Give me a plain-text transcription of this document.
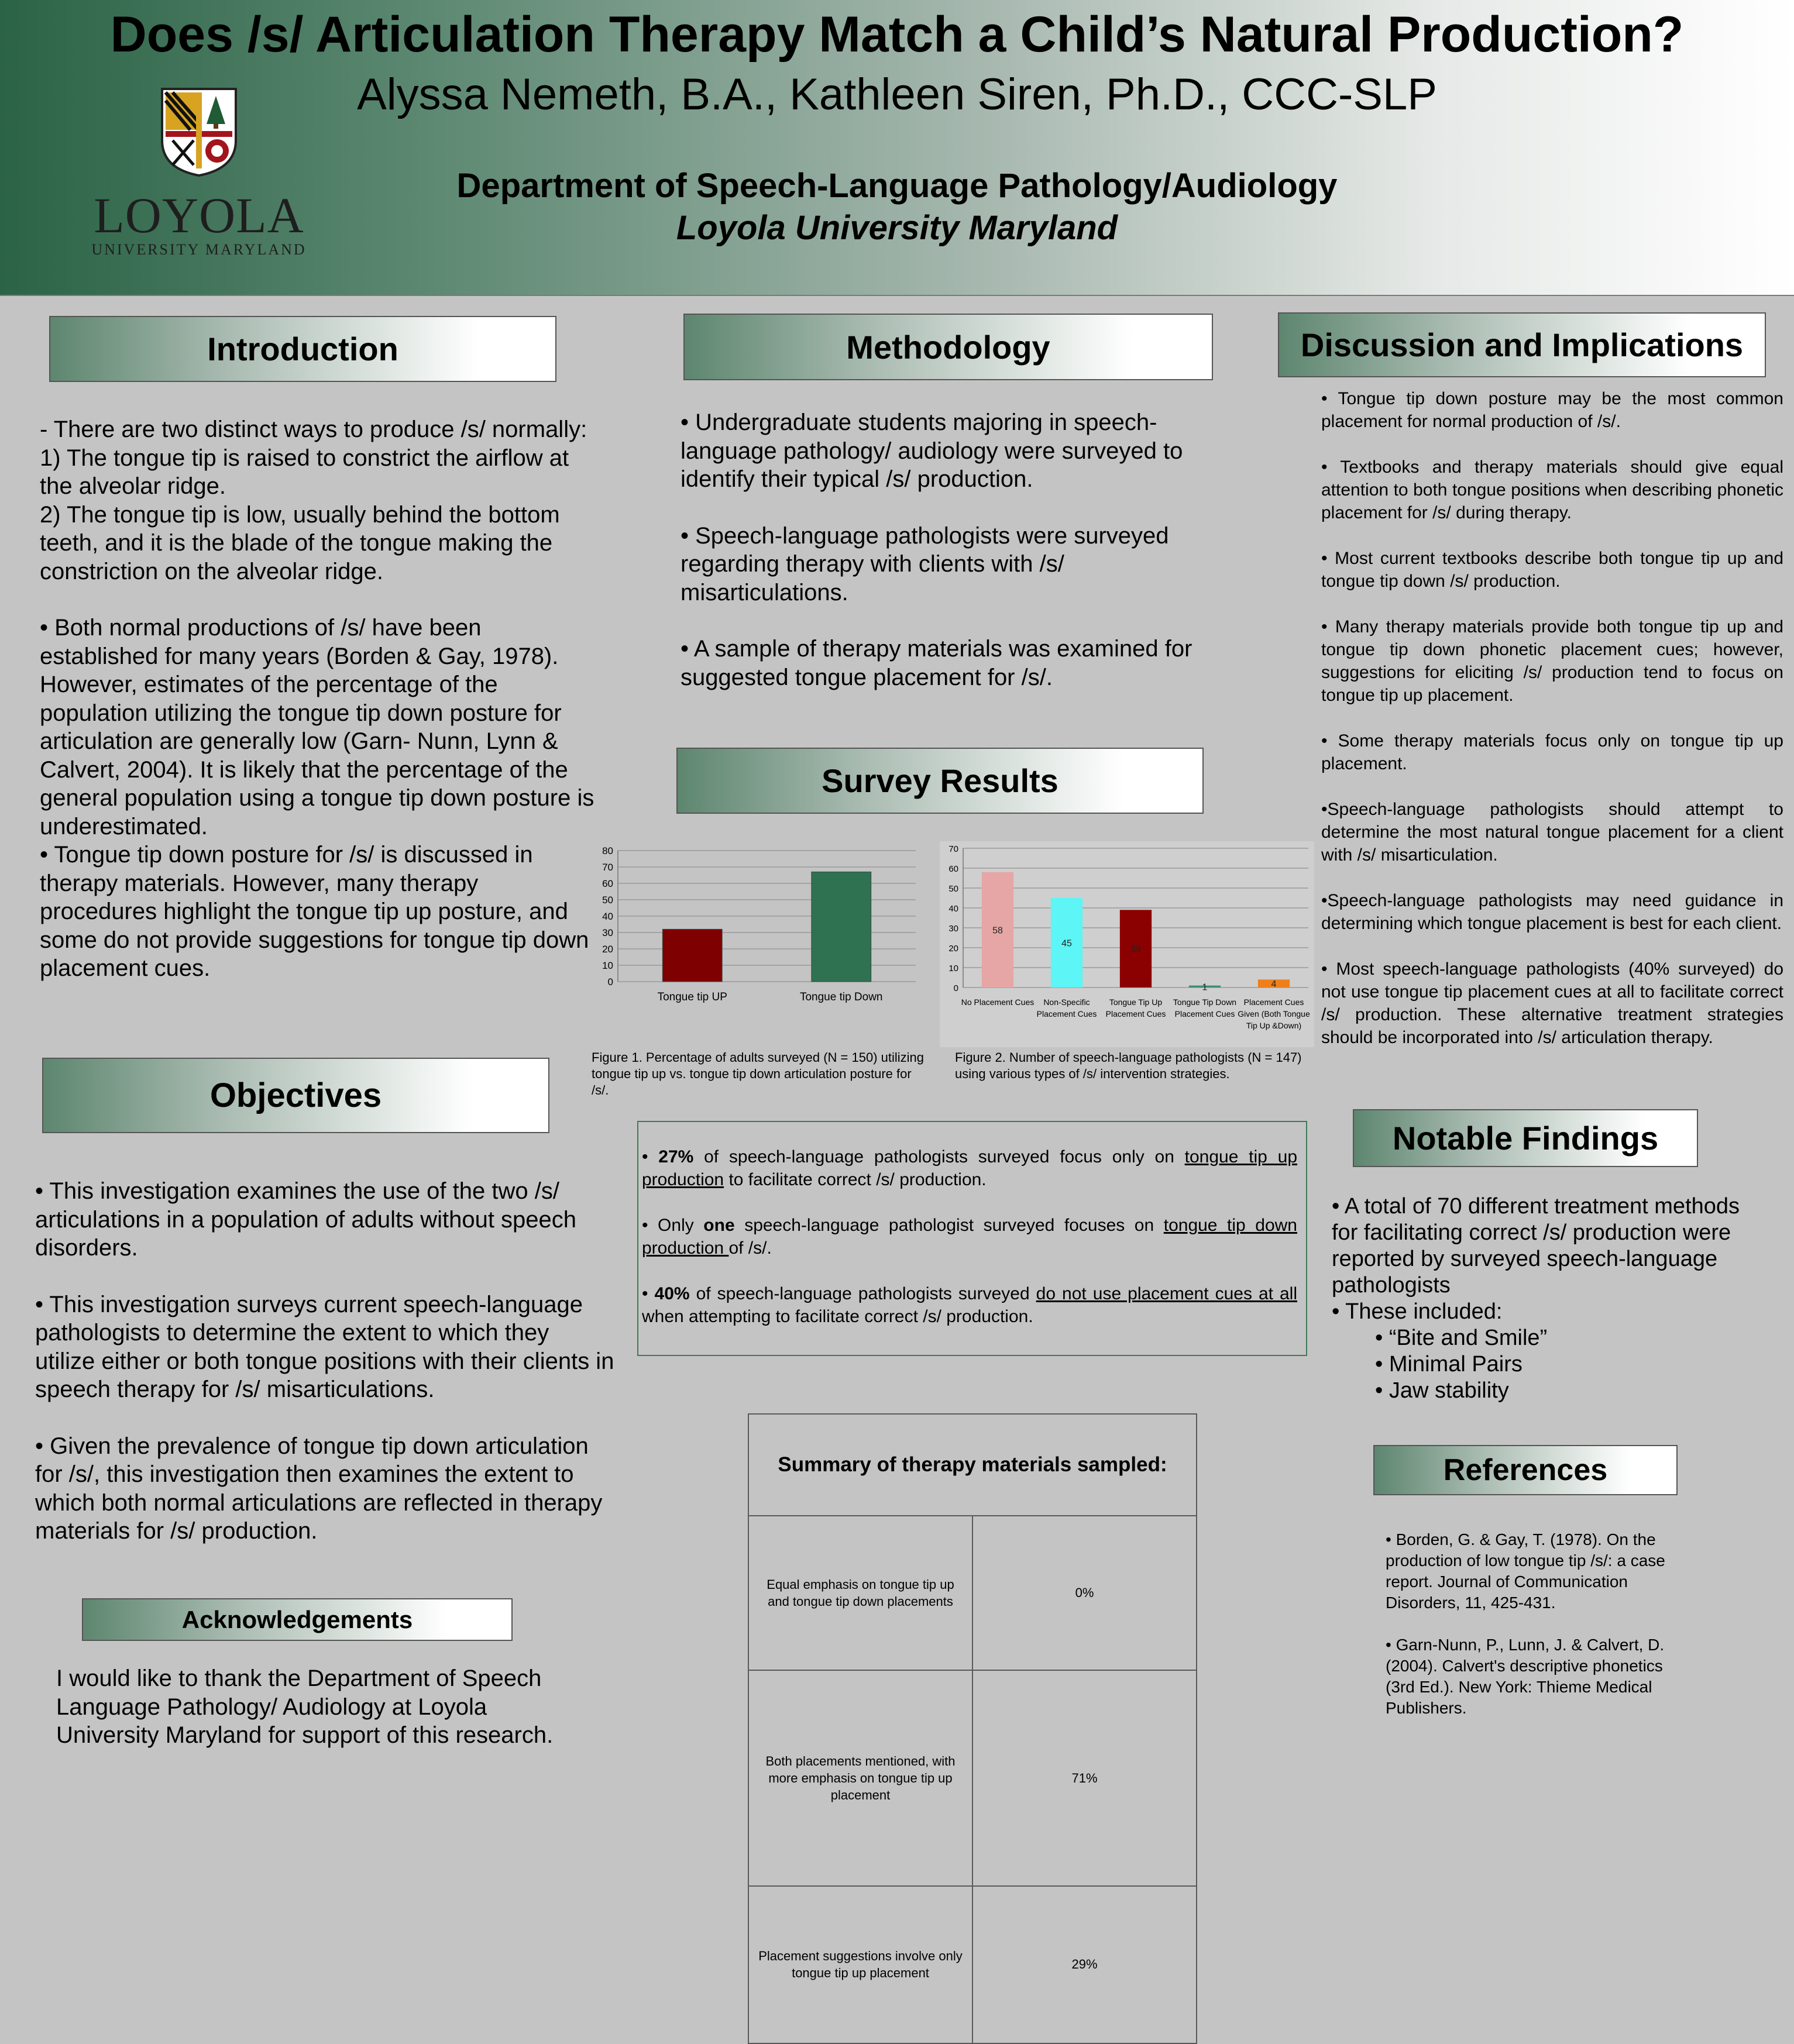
Does /s/ Articulation Therapy Match a Child’s Natural Production?
Alyssa Nemeth, B.A., Kathleen Siren, Ph.D., CCC-SLP
Department of Speech-Language Pathology/Audiology
Loyola University Maryland
LOYOLA
UNIVERSITY MARYLAND
Introduction

- There are two distinct ways to produce /s/ normally:

1) The tongue tip is raised to constrict the airflow at the alveolar ridge.

2) The tongue tip is low, usually behind the bottom teeth, and it is the blade of the tongue making the constriction on the alveolar ridge.

• Both normal productions of /s/ have been established for many years (Borden & Gay, 1978). However, estimates of the percentage of the population utilizing the tongue tip down posture for articulation are generally low (Garn- Nunn, Lynn & Calvert, 2004). It is likely that the percentage of the general population using a tongue tip down posture is underestimated.

• Tongue tip down posture for /s/ is discussed in therapy materials. However, many therapy procedures highlight the tongue tip up posture, and some do not provide suggestions for tongue tip down placement cues.

Objectives

• This investigation examines the use of the two /s/ articulations in a population of adults without speech disorders.

• This investigation surveys current speech-language pathologists to determine the extent to which they utilize either or both tongue positions with their clients in speech therapy for /s/ misarticulations.

• Given the prevalence of tongue tip down articulation for /s/, this investigation then examines the extent to which both normal articulations are reflected in therapy materials for /s/ production.

Acknowledgements
I would like to thank the Department of Speech Language Pathology/ Audiology at Loyola University Maryland for support of this research.
Methodology

• Undergraduate students majoring in speech-language pathology/ audiology were surveyed to identify their typical /s/ production.

• Speech-language pathologists were surveyed regarding therapy with clients with /s/ misarticulations.

• A sample of therapy materials was examined for suggested tongue placement for /s/.

Survey Results
0
10
20
30
40
50
60
70
80
Tongue tip UP	Tongue tip Down
0
10
20
30
40
50
60
70
58
No Placement Cues
45
Non-Specific
Placement Cues
39
Tongue Tip Up
Placement Cues
1
Tongue Tip Down
Placement Cues
4
Placement Cues
Given (Both Tongue
Tip Up &Down)
Figure 1. Percentage of adults surveyed (N = 150) utilizing tongue tip up vs. tongue tip down articulation posture for /s/.
Figure 2. Number of speech-language pathologists (N = 147) using various types of /s/ intervention strategies.

• 27% of speech-language pathologists surveyed focus only on tongue tip up production to facilitate correct /s/ production.

• Only one speech-language pathologist surveyed focuses on tongue tip down production of /s/.

• 40% of speech-language pathologists surveyed do not use placement cues at all when attempting to facilitate correct /s/ production.

Summary of therapy materials sampled:	
Equal emphasis on tongue tip up and tongue tip down placements	0%
Both placements mentioned, with more emphasis on tongue tip up placement	71%
Placement suggestions involve only tongue tip up placement	29%
Discussion and Implications

• Tongue tip down posture may be the most common placement for normal production of /s/.

• Textbooks and therapy materials should give equal attention to both tongue positions when describing phonetic placement for /s/ during therapy.

• Most current textbooks describe both tongue tip up and tongue tip down /s/ production.

• Many therapy materials provide both tongue tip up and tongue tip down phonetic placement cues; however, suggestions for eliciting /s/ production tend to focus on tongue tip up placement.

• Some therapy materials focus only on tongue tip up placement.

•Speech-language pathologists should attempt to determine the most natural tongue placement for a client with /s/ misarticulation.

•Speech-language pathologists may need guidance in determining which tongue placement is best for each client.

• Most speech-language pathologists (40% surveyed) do not use tongue tip placement cues at all to facilitate correct /s/ production. These alternative treatment strategies should be incorporated into /s/ articulation therapy.

Notable Findings

• A total of 70 different treatment methods for facilitating correct /s/ production were reported by surveyed speech-language pathologists

• These included:

• “Bite and Smile”

• Minimal Pairs

• Jaw stability

References

• Borden, G. & Gay, T. (1978). On the production of low tongue tip /s/: a case report. Journal of Communication Disorders, 11, 425-431.

• Garn-Nunn, P., Lunn, J. & Calvert, D. (2004). Calvert's descriptive phonetics (3rd Ed.). New York: Thieme Medical Publishers.
